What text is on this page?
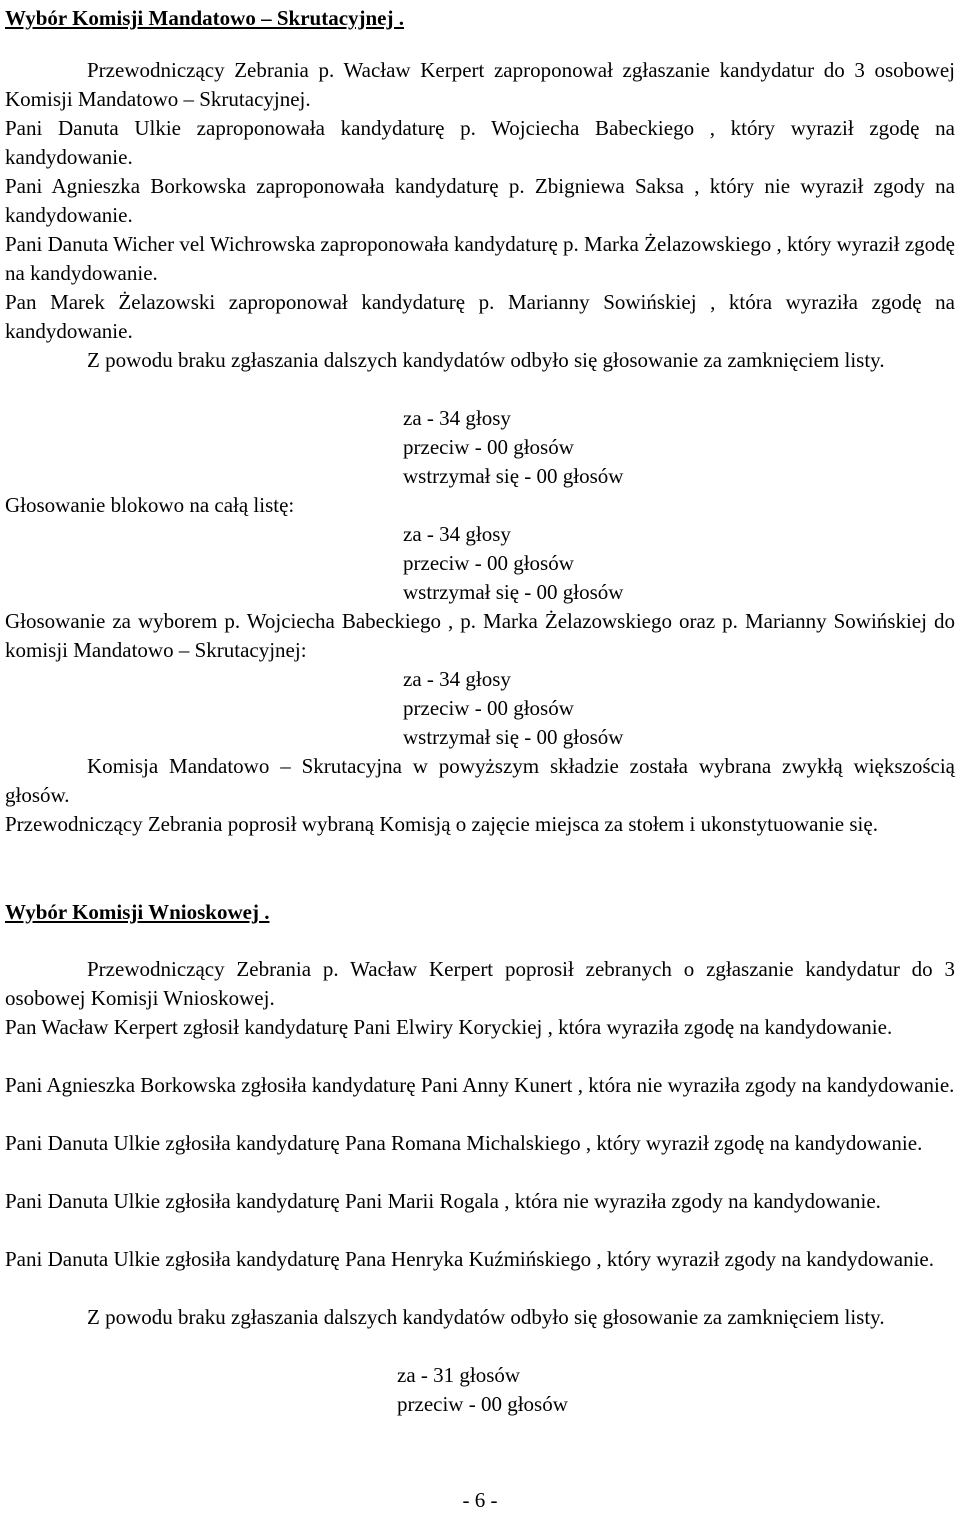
Wybór Komisji Mandatowo – Skrutacyjnej .

Przewodniczący Zebrania p. Wacław Kerpert zaproponował zgłaszanie kandydatur do 3 osobowej Komisji Mandatowo – Skrutacyjnej.

Pani Danuta Ulkie zaproponowała kandydaturę p. Wojciecha Babeckiego , który wyraził zgodę na kandydowanie.

Pani Agnieszka Borkowska zaproponowała kandydaturę p. Zbigniewa Saksa , który nie wyraził zgody na kandydowanie.

Pani Danuta Wicher vel Wichrowska zaproponowała kandydaturę p. Marka Żelazowskiego , który wyraził zgodę na kandydowanie.

Pan Marek Żelazowski zaproponował kandydaturę p. Marianny Sowińskiej , która wyraziła zgodę na kandydowanie.

Z powodu braku zgłaszania dalszych kandydatów odbyło się głosowanie za zamknięciem listy.

za - 34 głosy
przeciw - 00 głosów
wstrzymał się - 00 głosów

Głosowanie blokowo na całą listę:

za - 34 głosy
przeciw - 00 głosów
wstrzymał się - 00 głosów

Głosowanie za wyborem p. Wojciecha Babeckiego , p. Marka Żelazowskiego oraz p. Marianny Sowińskiej do komisji Mandatowo – Skrutacyjnej:

za - 34 głosy
przeciw - 00 głosów
wstrzymał się - 00 głosów

Komisja Mandatowo – Skrutacyjna w powyższym składzie została wybrana zwykłą większością głosów.

Przewodniczący Zebrania poprosił wybraną Komisją o zajęcie miejsca za stołem i ukonstytuowanie się.

Wybór Komisji Wnioskowej .

Przewodniczący Zebrania p. Wacław Kerpert poprosił zebranych o zgłaszanie kandydatur do 3 osobowej Komisji Wnioskowej.

Pan Wacław Kerpert zgłosił kandydaturę Pani Elwiry Koryckiej , która wyraziła zgodę na kandydowanie.

Pani Agnieszka Borkowska zgłosiła kandydaturę Pani Anny Kunert , która nie wyraziła zgody na kandydowanie.

Pani Danuta Ulkie zgłosiła kandydaturę Pana Romana Michalskiego , który wyraził zgodę na kandydowanie.

Pani Danuta Ulkie zgłosiła kandydaturę Pani Marii Rogala , która nie wyraziła zgody na kandydowanie.

Pani Danuta Ulkie zgłosiła kandydaturę Pana Henryka Kuźmińskiego , który wyraził zgody na kandydowanie.

Z powodu braku zgłaszania dalszych kandydatów odbyło się głosowanie za zamknięciem listy.

za - 31 głosów
przeciw - 00 głosów
- 6 -
